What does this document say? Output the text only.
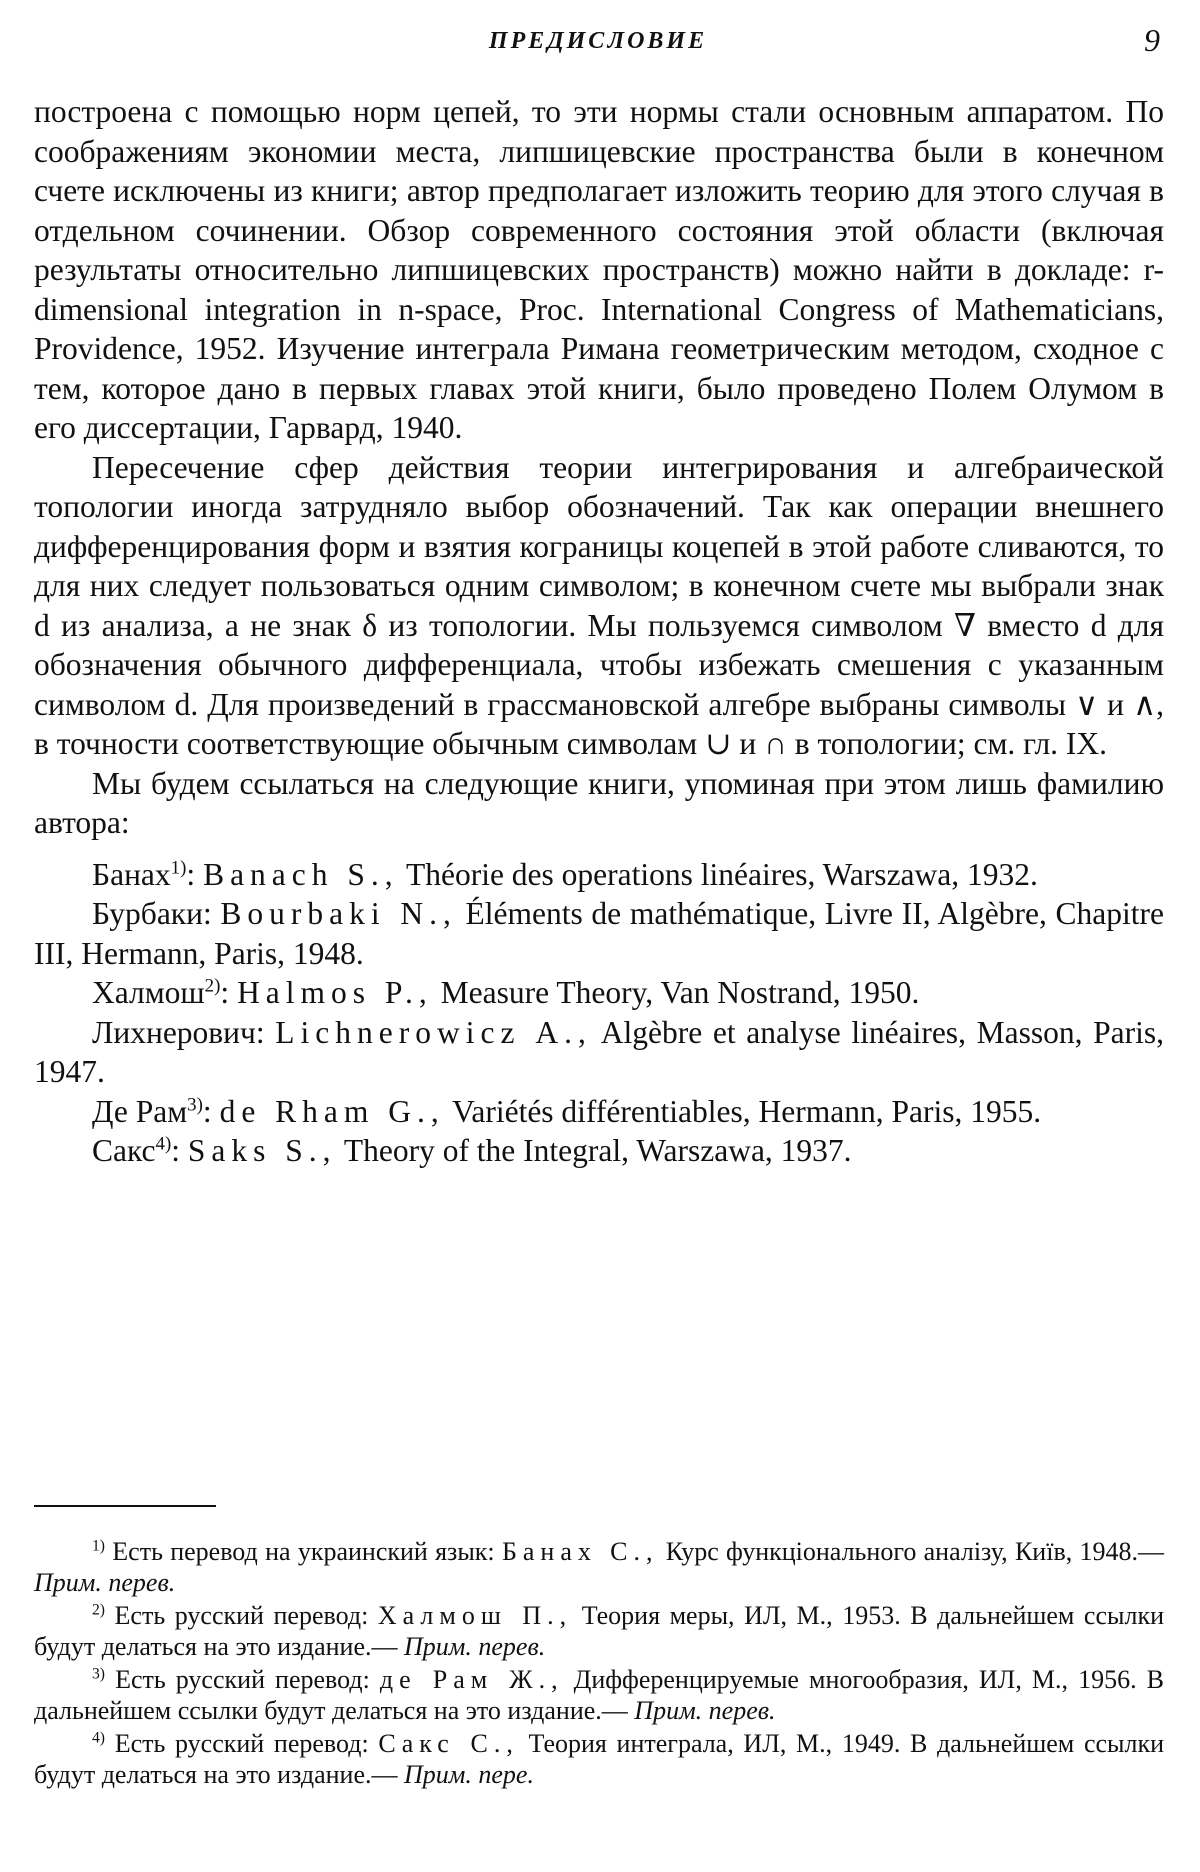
ПРЕДИСЛОВИЕ	9

построена с помощью норм цепей, то эти нормы стали основным аппаратом. По соображениям экономии места, липшицевские пространства были в конечном счете исключены из книги; автор предполагает изложить теорию для этого случая в отдельном сочинении. Обзор современного состояния этой области (включая результаты относительно липшицевских пространств) можно найти в докладе: r-dimensional integration in n-space, Proc. International Congress of Mathematicians, Providence, 1952. Изучение интеграла Римана геометрическим методом, сходное с тем, которое дано в первых главах этой книги, было проведено Полем Олумом в его диссертации, Гарвард, 1940.

Пересечение сфер действия теории интегрирования и алгебраической топологии иногда затрудняло выбор обозначений. Так как операции внешнего дифференцирования форм и взятия кограницы коцепей в этой работе сливаются, то для них следует пользоваться одним символом; в конечном счете мы выбрали знак d из анализа, а не знак δ из топологии. Мы пользуемся символом ∇ вместо d для обозначения обычного дифференциала, чтобы избежать смешения с указанным символом d. Для произведений в грассмановской алгебре выбраны символы ∨ и ∧, в точности соответствующие обычным символам ∪ и ∩ в топологии; см. гл. IX.

Мы будем ссылаться на следующие книги, упоминая при этом лишь фамилию автора:

Банах$^{1)}$: Banach S., Théorie des operations linéaires, Warszawa, 1932.

Бурбаки: Bourbaki N., Éléments de mathématique, Livre II, Algèbre, Chapitre III, Hermann, Paris, 1948.

Халмош$^{2)}$: Halmos P., Measure Theory, Van Nostrand, 1950.

Лихнерович: Lichnerowicz A., Algèbre et analyse linéaires, Masson, Paris, 1947.

Де Рам$^{3)}$: de Rham G., Variétés différentiables, Hermann, Paris, 1955.

Сакс$^{4)}$: Saks S., Theory of the Integral, Warszawa, 1937.

$^{1)}$ Есть перевод на украинский язык: Банах С., Курс функціонального аналізу, Київ, 1948.— Прим. перев.

$^{2)}$ Есть русский перевод: Халмош П., Теория меры, ИЛ, М., 1953. В дальнейшем ссылки будут делаться на это издание.— Прим. перев.

$^{3)}$ Есть русский перевод: де Рам Ж., Дифференцируемые многообразия, ИЛ, М., 1956. В дальнейшем ссылки будут делаться на это издание.— Прим. перев.

$^{4)}$ Есть русский перевод: Сакс С., Теория интеграла, ИЛ, М., 1949. В дальнейшем ссылки будут делаться на это издание.— Прим. пере.
